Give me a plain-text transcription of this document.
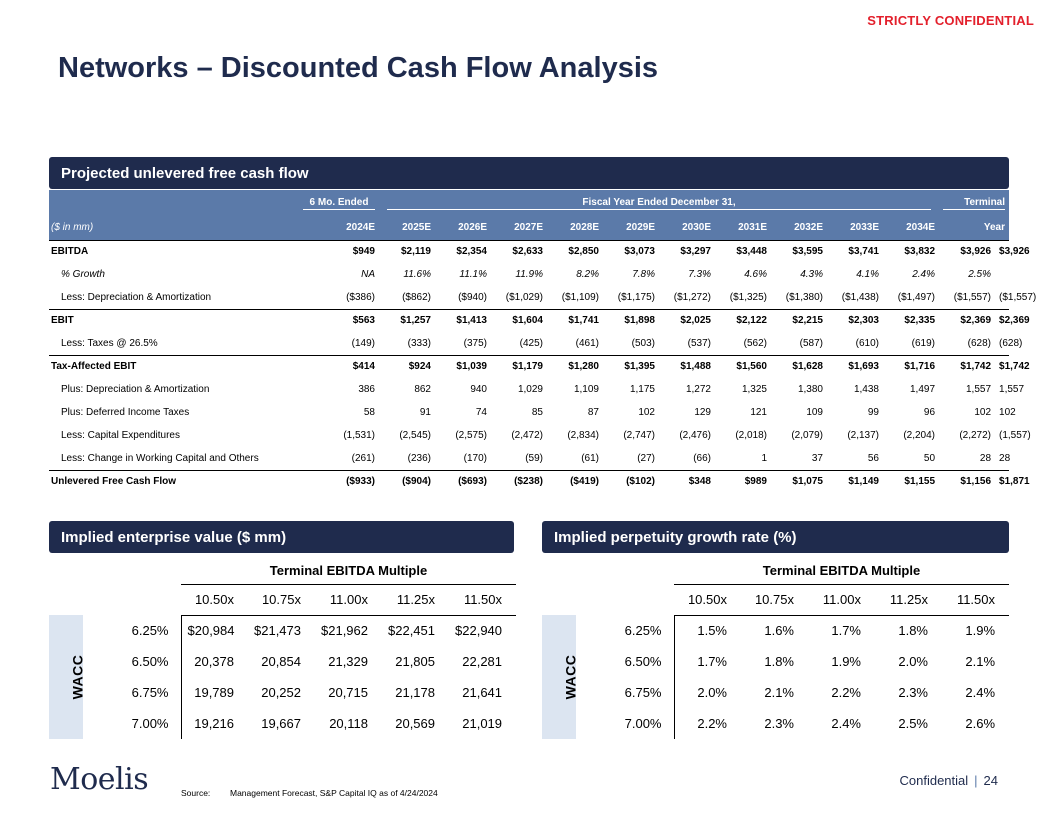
STRICTLY CONFIDENTIAL
Networks – Discounted Cash Flow Analysis
Projected unlevered free cash flow
	6 Mo. Ended	Fiscal Year Ended December 31,										Terminal	
($ in mm)	2024E	2025E	2026E	2027E	2028E	2029E	2030E	2031E	2032E	2033E	2034E	Year	
EBITDA	$949	$2,119	$2,354	$2,633	$2,850	$3,073	$3,297	$3,448	$3,595	$3,741	$3,832	$3,926	$3,926
% Growth	NA	11.6%	11.1%	11.9%	8.2%	7.8%	7.3%	4.6%	4.3%	4.1%	2.4%	2.5%	
Less: Depreciation & Amortization	($386)	($862)	($940)	($1,029)	($1,109)	($1,175)	($1,272)	($1,325)	($1,380)	($1,438)	($1,497)	($1,557)	($1,557)
EBIT	$563	$1,257	$1,413	$1,604	$1,741	$1,898	$2,025	$2,122	$2,215	$2,303	$2,335	$2,369	$2,369
Less: Taxes @ 26.5%	(149)	(333)	(375)	(425)	(461)	(503)	(537)	(562)	(587)	(610)	(619)	(628)	(628)
Tax-Affected EBIT	$414	$924	$1,039	$1,179	$1,280	$1,395	$1,488	$1,560	$1,628	$1,693	$1,716	$1,742	$1,742
Plus: Depreciation & Amortization	386	862	940	1,029	1,109	1,175	1,272	1,325	1,380	1,438	1,497	1,557	1,557
Plus: Deferred Income Taxes	58	91	74	85	87	102	129	121	109	99	96	102	102
Less: Capital Expenditures	(1,531)	(2,545)	(2,575)	(2,472)	(2,834)	(2,747)	(2,476)	(2,018)	(2,079)	(2,137)	(2,204)	(2,272)	(1,557)
Less: Change in Working Capital and Others	(261)	(236)	(170)	(59)	(61)	(27)	(66)	1	37	56	50	28	28
Unlevered Free Cash Flow	($933)	($904)	($693)	($238)	($419)	($102)	$348	$989	$1,075	$1,149	$1,155	$1,156	$1,871
Implied enterprise value ($ mm)	Implied perpetuity growth rate (%)
		Terminal EBITDA Multiple				
		10.50x	10.75x	11.00x	11.25x	11.50x
WACC	6.25%	$20,984	$21,473	$21,962	$22,451	$22,940
	6.50%	20,378	20,854	21,329	21,805	22,281
	6.75%	19,789	20,252	20,715	21,178	21,641
	7.00%	19,216	19,667	20,118	20,569	21,019
		Terminal EBITDA Multiple				
		10.50x	10.75x	11.00x	11.25x	11.50x
WACC	6.25%	1.5%	1.6%	1.7%	1.8%	1.9%
	6.50%	1.7%	1.8%	1.9%	2.0%	2.1%
	6.75%	2.0%	2.1%	2.2%	2.3%	2.4%
	7.00%	2.2%	2.3%	2.4%	2.5%	2.6%
Moelis	Source: Management Forecast, S&P Capital IQ as of 4/24/2024
Confidential | 24
